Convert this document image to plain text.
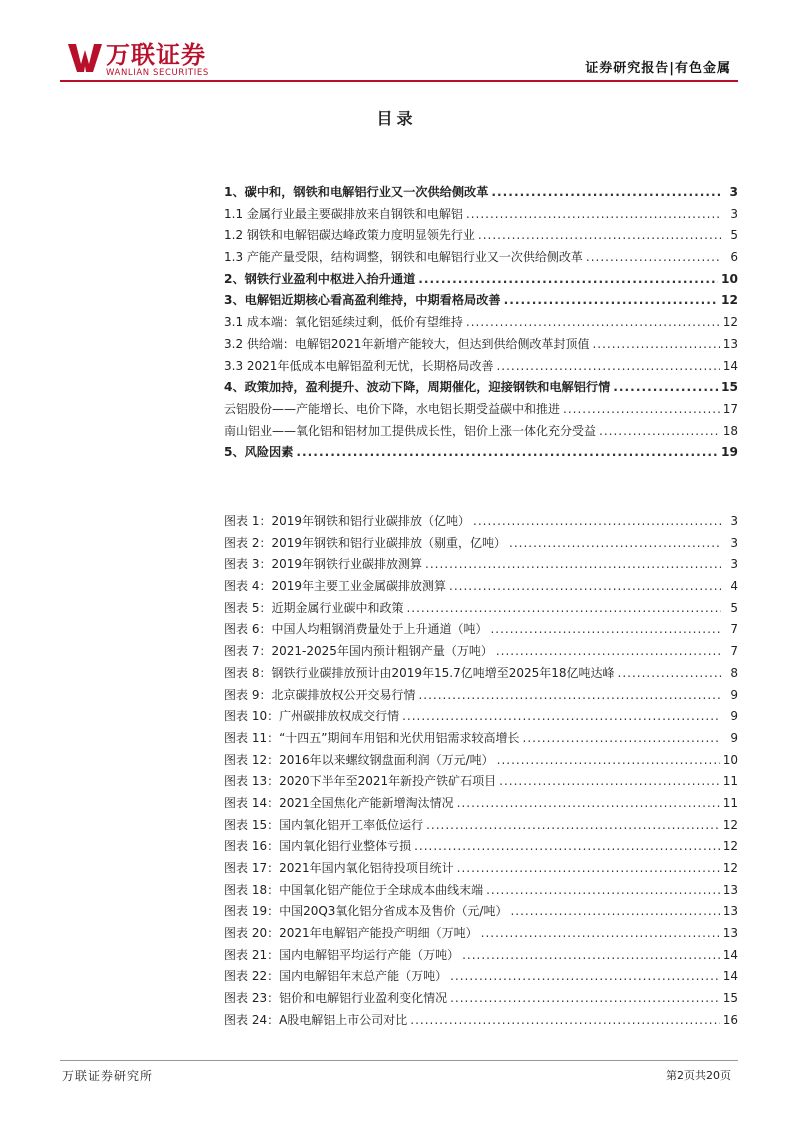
万联证券
WANLIAN SECURITIES	证券研究报告|有色金属
目录
1、碳中和，钢铁和电解铝行业又一次供给侧改革 .....	3
1.1 金属行业最主要碳排放来自钢铁和电解铝 .....	3
1.2 钢铁和电解铝碳达峰政策力度明显领先行业 .....	5
1.3 产能产量受限，结构调整，钢铁和电解铝行业又一次供给侧改革 .....	6
2、钢铁行业盈利中枢进入抬升通道 .....	10
3、电解铝近期核心看高盈利维持，中期看格局改善 .....	12
3.1 成本端：氧化铝延续过剩，低价有望维持 .....	12
3.2 供给端：电解铝2021年新增产能较大，但达到供给侧改革封顶值 .....	13
3.3 2021年低成本电解铝盈利无忧，长期格局改善 .....	14
4、政策加持，盈利提升、波动下降，周期催化，迎接钢铁和电解铝行情 .....	15
云铝股份——产能增长、电价下降，水电铝长期受益碳中和推进 .....	17
南山铝业——氧化铝和铝材加工提供成长性，铝价上涨一体化充分受益 .....	18
5、风险因素 .....	19
图表 1：2019年钢铁和铝行业碳排放（亿吨） .....	3
图表 2：2019年钢铁和铝行业碳排放（剔重，亿吨） .....	3
图表 3：2019年钢铁行业碳排放测算 .....	3
图表 4：2019年主要工业金属碳排放测算 .....	4
图表 5：近期金属行业碳中和政策 .....	5
图表 6：中国人均粗钢消费量处于上升通道（吨） .....	7
图表 7：2021-2025年国内预计粗钢产量（万吨） .....	7
图表 8：钢铁行业碳排放预计由2019年15.7亿吨增至2025年18亿吨达峰 .....	8
图表 9：北京碳排放权公开交易行情 .....	9
图表 10：广州碳排放权成交行情 .....	9
图表 11：“十四五”期间车用铝和光伏用铝需求较高增长 .....	9
图表 12：2016年以来螺纹钢盘面利润（万元/吨） .....	10
图表 13：2020下半年至2021年新投产铁矿石项目 .....	11
图表 14：2021全国焦化产能新增淘汰情况 .....	11
图表 15：国内氧化铝开工率低位运行 .....	12
图表 16：国内氧化铝行业整体亏损 .....	12
图表 17：2021年国内氧化铝待投项目统计 .....	12
图表 18：中国氧化铝产能位于全球成本曲线末端 .....	13
图表 19：中国20Q3氧化铝分省成本及售价（元/吨） .....	13
图表 20：2021年电解铝产能投产明细（万吨） .....	13
图表 21：国内电解铝平均运行产能（万吨） .....	14
图表 22：国内电解铝年末总产能（万吨） .....	14
图表 23：铝价和电解铝行业盈利变化情况 .....	15
图表 24：A股电解铝上市公司对比 .....	16
万联证券研究所	第2页共20页
